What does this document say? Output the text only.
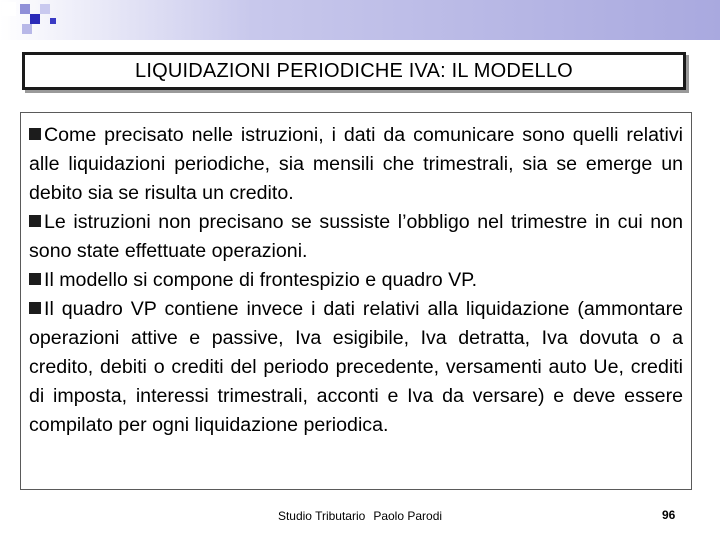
LIQUIDAZIONI PERIODICHE IVA: IL MODELLO

Come precisato nelle istruzioni, i dati da comunicare sono quelli relativi alle liquidazioni periodiche, sia mensili che trimestrali, sia se emerge un debito sia se risulta un credito.

Le istruzioni non precisano se sussiste l’obbligo nel trimestre in cui non sono state effettuate operazioni.

Il modello si compone di frontespizio e quadro VP.

Il quadro VP contiene invece i dati relativi alla liquidazione (ammontare operazioni attive e passive, Iva esigibile, Iva detratta, Iva dovuta o a credito, debiti o crediti del periodo precedente, versamenti auto Ue, crediti di imposta, interessi trimestrali, acconti e Iva da versare) e deve essere compilato per ogni liquidazione periodica.

Studio Tributario Paolo Parodi	96
